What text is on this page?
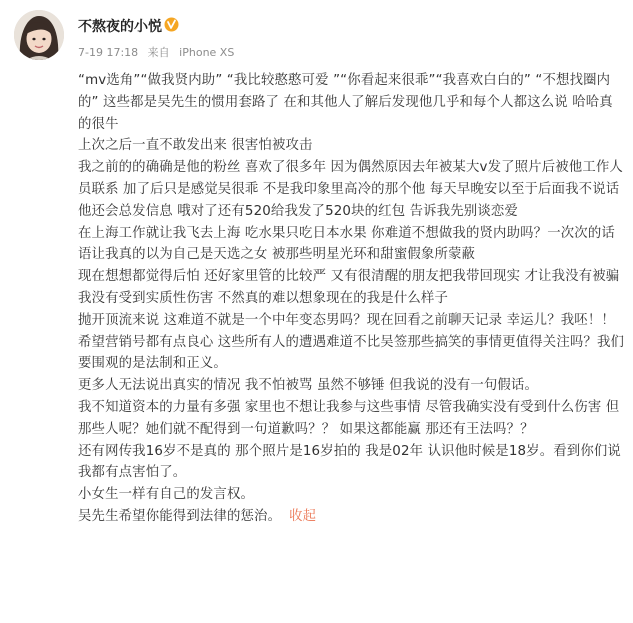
不熬夜的小悦
7-19 17:18 来自 iPhone XS

“mv选角”“做我贤内助” “我比较憨憨可爱 ”“你看起来很乖”“我喜欢白白的” “不想找圈内的” 这些都是吴先生的惯用套路了 在和其他人了解后发现他几乎和每个人都这么说 哈哈真的很牛

上次之后一直不敢发出来 很害怕被攻击

我之前的的确确是他的粉丝 喜欢了很多年 因为偶然原因去年被某大v发了照片后被他工作人员联系 加了后只是感觉吴很乖 不是我印象里高冷的那个他 每天早晚安以至于后面我不说话他还会总发信息 哦对了还有520给我发了520块的红包 告诉我先别谈恋爱

在上海工作就让我飞去上海 吃水果只吃日本水果 你难道不想做我的贤内助吗？一次次的话语让我真的以为自己是天选之女 被那些明星光环和甜蜜假象所蒙蔽

现在想想都觉得后怕 还好家里管的比较严 又有很清醒的朋友把我带回现实 才让我没有被骗

我没有受到实质性伤害 不然真的难以想象现在的我是什么样子

抛开顶流来说 这难道不就是一个中年变态男吗？现在回看之前聊天记录 幸运儿？我呸！！

希望营销号都有点良心 这些所有人的遭遇难道不比吴签那些搞笑的事情更值得关注吗？我们要围观的是法制和正义。

更多人无法说出真实的情况 我不怕被骂 虽然不够锤 但我说的没有一句假话。

我不知道资本的力量有多强 家里也不想让我参与这些事情 尽管我确实没有受到什么伤害 但那些人呢？她们就不配得到一句道歉吗？？ 如果这都能赢 那还有王法吗？？

还有网传我16岁不是真的 那个照片是16岁拍的 我是02年 认识他时候是18岁。看到你们说我都有点害怕了。

小女生一样有自己的发言权。

吴先生希望你能得到法律的惩治。 收起
